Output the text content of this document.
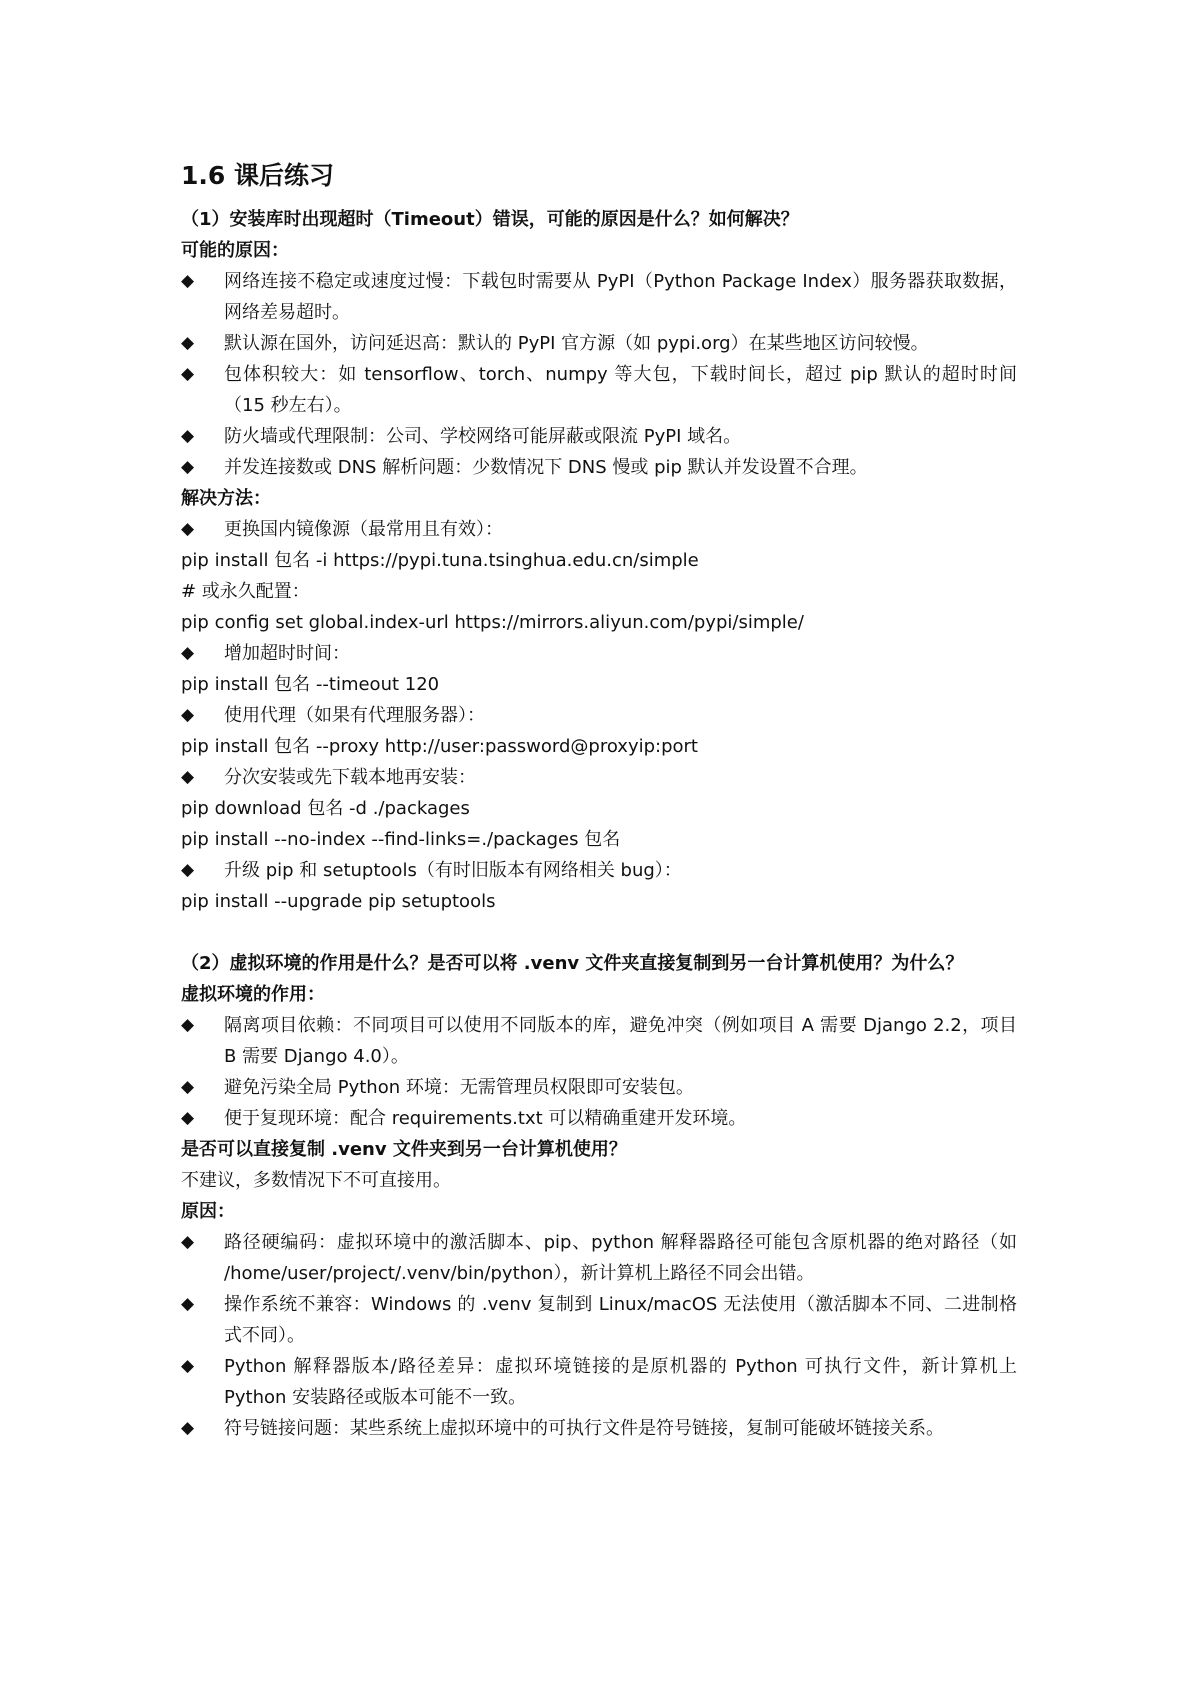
1.6 课后练习

（1）安装库时出现超时（Timeout）错误，可能的原因是什么？如何解决？

可能的原因：

◆	网络连接不稳定或速度过慢：下载包时需要从 PyPI（Python Package Index）服务器获取数据，网络差易超时。
◆	默认源在国外，访问延迟高：默认的 PyPI 官方源（如 pypi.org）在某些地区访问较慢。
◆	包体积较大：如 tensorflow、torch、numpy 等大包，下载时间长，超过 pip 默认的超时时间（15 秒左右）。
◆	防火墙或代理限制：公司、学校网络可能屏蔽或限流 PyPI 域名。
◆	并发连接数或 DNS 解析问题：少数情况下 DNS 慢或 pip 默认并发设置不合理。

解决方法：

◆	更换国内镜像源（最常用且有效）：

pip install 包名 -i https://pypi.tuna.tsinghua.edu.cn/simple

# 或永久配置：

pip config set global.index-url https://mirrors.aliyun.com/pypi/simple/

◆	增加超时时间：

pip install 包名 --timeout 120

◆	使用代理（如果有代理服务器）：

pip install 包名 --proxy http://user:password@proxyip:port

◆	分次安装或先下载本地再安装：

pip download 包名 -d ./packages

pip install --no-index --find-links=./packages 包名

◆	升级 pip 和 setuptools（有时旧版本有网络相关 bug）：

pip install --upgrade pip setuptools

（2）虚拟环境的作用是什么？是否可以将 .venv 文件夹直接复制到另一台计算机使用？为什么？

虚拟环境的作用：

◆	隔离项目依赖：不同项目可以使用不同版本的库，避免冲突（例如项目 A 需要 Django 2.2，项目 B 需要 Django 4.0）。
◆	避免污染全局 Python 环境：无需管理员权限即可安装包。
◆	便于复现环境：配合 requirements.txt 可以精确重建开发环境。

是否可以直接复制 .venv 文件夹到另一台计算机使用？

不建议，多数情况下不可直接用。

原因：

◆	路径硬编码：虚拟环境中的激活脚本、pip、python 解释器路径可能包含原机器的绝对路径（如 /home/user/project/.venv/bin/python），新计算机上路径不同会出错。
◆	操作系统不兼容：Windows 的 .venv 复制到 Linux/macOS 无法使用（激活脚本不同、二进制格式不同）。
◆	Python 解释器版本/路径差异：虚拟环境链接的是原机器的 Python 可执行文件，新计算机上 Python 安装路径或版本可能不一致。
◆	符号链接问题：某些系统上虚拟环境中的可执行文件是符号链接，复制可能破坏链接关系。
